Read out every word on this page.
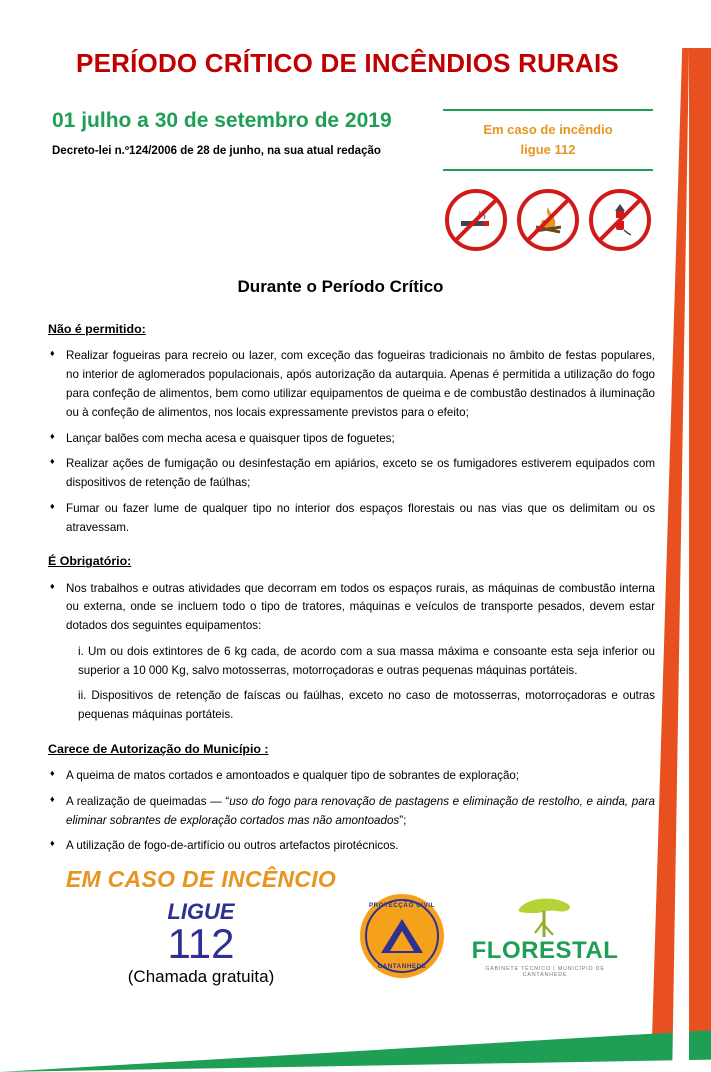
PERÍODO CRÍTICO DE INCÊNDIOS RURAIS
01 julho a 30 de setembro de 2019
Decreto-lei n.º124/2006 de 28 de junho, na sua atual redação
Em caso de incêndio
ligue 112
Durante o Período Crítico
Não é permitido:
♦ Realizar fogueiras para recreio ou lazer, com exceção das fogueiras tradicionais no âmbito de festas populares, no interior de aglomerados populacionais, após autorização da autarquia. Apenas é permitida a utilização do fogo para confeção de alimentos, bem como utilizar equipamentos de queima e de combustão destinados à iluminação ou à confeção de alimentos, nos locais expressamente previstos para o efeito;
♦ Lançar balões com mecha acesa e quaisquer tipos de foguetes;
♦ Realizar ações de fumigação ou desinfestação em apiários, exceto se os fumigadores estiverem equipados com dispositivos de retenção de faúlhas;
♦ Fumar ou fazer lume de qualquer tipo no interior dos espaços florestais ou nas vias que os delimitam ou os atravessam.
É Obrigatório:
♦ Nos trabalhos e outras atividades que decorram em todos os espaços rurais, as máquinas de combustão interna ou externa, onde se incluem todo o tipo de tratores, máquinas e veículos de transporte pesados, devem estar dotados dos seguintes equipamentos:
i. Um ou dois extintores de 6 kg cada, de acordo com a sua massa máxima e consoante esta seja inferior ou superior a 10 000 Kg, salvo motosserras, motorroçadoras e outras pequenas máquinas portáteis.
ii. Dispositivos de retenção de faíscas ou faúlhas, exceto no caso de motosserras, motorroçadoras e outras pequenas máquinas portáteis.
Carece de Autorização do Município :
♦ A queima de matos cortados e amontoados e qualquer tipo de sobrantes de exploração;
♦ A realização de queimadas — “uso do fogo para renovação de pastagens e eliminação de restolho, e ainda, para eliminar sobrantes de exploração cortados mas não amontoados”;
♦ A utilização de fogo-de-artifício ou outros artefactos pirotécnicos.
EM CASO DE INCÊNCIO
LIGUE
112
(Chamada gratuita)
PROTECÇÃO CIVIL
CANTANHEDE
FLORESTAL
GABINETE TÉCNICO | MUNICÍPIO DE CANTANHEDE
